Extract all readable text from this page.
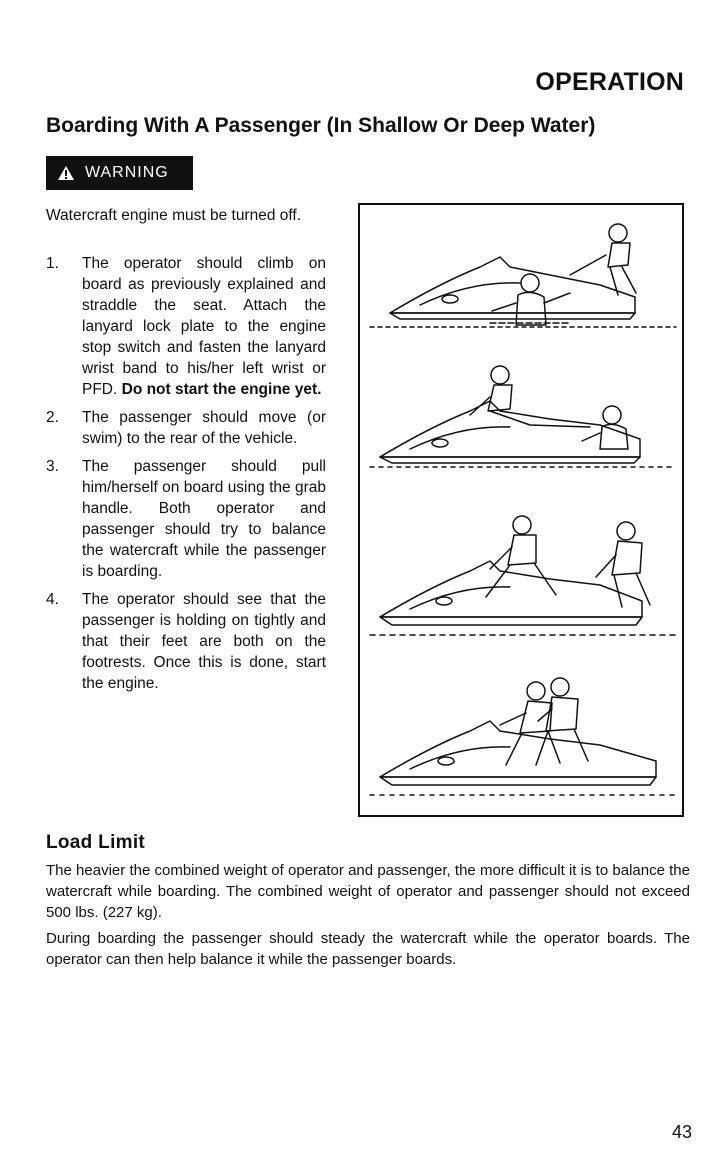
OPERATION
Boarding With A Passenger (In Shallow Or Deep Water)
WARNING
Watercraft engine must be turned off.
1. The operator should climb on board as previously explained and straddle the seat. Attach the lanyard lock plate to the engine stop switch and fasten the lanyard wrist band to his/her left wrist or PFD. Do not start the engine yet.
2. The passenger should move (or swim) to the rear of the vehicle.
3. The passenger should pull him/herself on board using the grab handle. Both operator and passenger should try to balance the watercraft while the passenger is boarding.
4. The operator should see that the passenger is holding on tightly and that their feet are both on the footrests. Once this is done, start the engine.
Load Limit
The heavier the combined weight of operator and passenger, the more difficult it is to balance the watercraft while boarding. The combined weight of operator and passenger should not exceed 500 lbs. (227 kg).
During boarding the passenger should steady the watercraft while the operator boards. The operator can then help balance it while the passenger boards.
43
